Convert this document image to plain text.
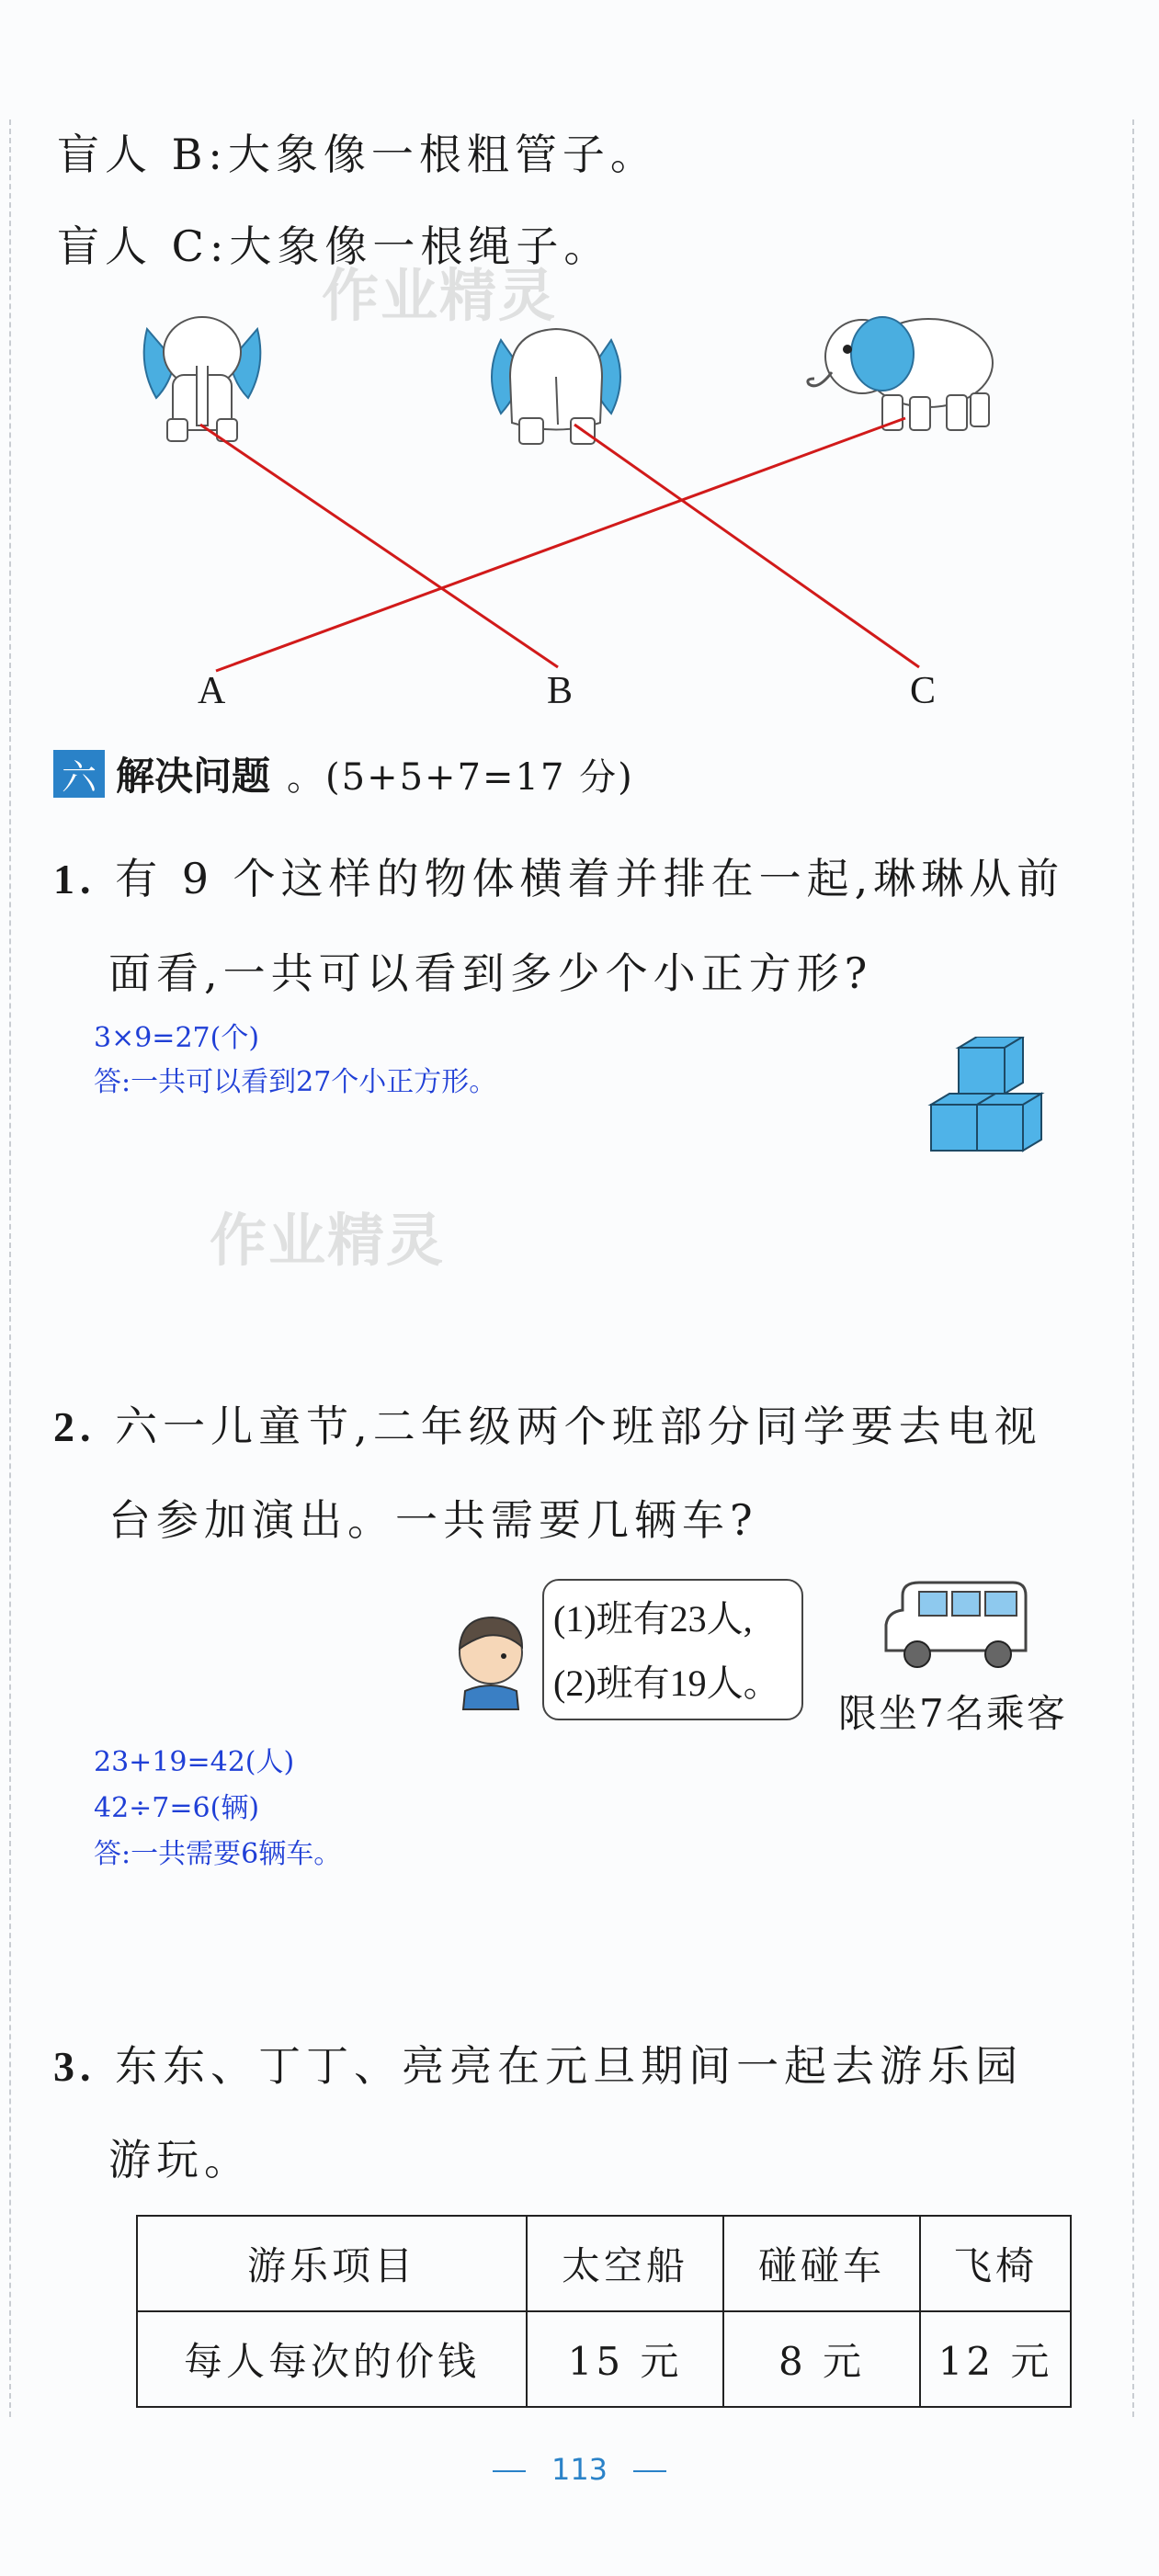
盲人 B:大象像一根粗管子。
盲人 C:大象像一根绳子。
作业精灵
A	B	C
六 解决问题 。(5+5+7=17 分)
1. 有 9 个这样的物体横着并排在一起,琳琳从前
面看,一共可以看到多少个小正方形?
3×9=27(个)
答:一共可以看到27个小正方形。
作业精灵
2. 六一儿童节,二年级两个班部分同学要去电视
台参加演出。一共需要几辆车?
(1)班有23人,
(2)班有19人。
限坐7名乘客
23+19=42(人)
42÷7=6(辆)
答:一共需要6辆车。
3. 东东、丁丁、亮亮在元旦期间一起去游乐园
游玩。
游乐项目	太空船	碰碰车	飞椅
每人每次的价钱	15 元	8 元	12 元
113
